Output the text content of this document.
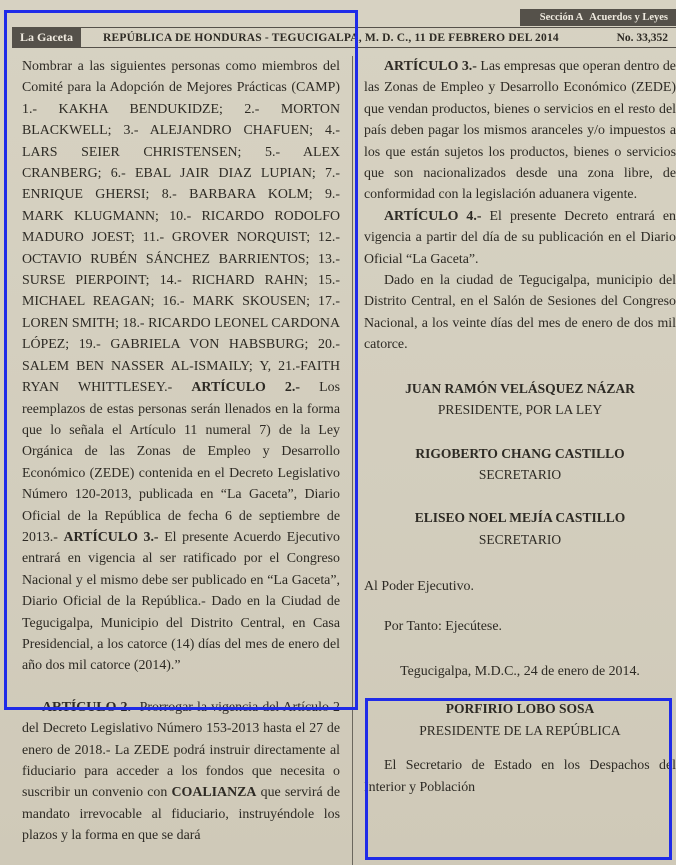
Sección A Acuerdos y Leyes
La Gaceta	REPÚBLICA DE HONDURAS - TEGUCIGALPA, M. D. C., 11 DE FEBRERO DEL 2014	No. 33,352

Nombrar a las siguientes personas como miembros del Comité para la Adopción de Mejores Prácticas (CAMP) 1.- KAKHA BENDUKIDZE; 2.- MORTON BLACKWELL; 3.- ALEJANDRO CHAFUEN; 4.- LARS SEIER CHRISTENSEN; 5.- ALEX CRANBERG; 6.- EBAL JAIR DIAZ LUPIAN; 7.- ENRIQUE GHERSI; 8.- BARBARA KOLM; 9.- MARK KLUGMANN; 10.- RICARDO RODOLFO MADURO JOEST; 11.- GROVER NORQUIST; 12.- OCTAVIO RUBÉN SÁNCHEZ BARRIENTOS; 13.- SURSE PIERPOINT; 14.- RICHARD RAHN; 15.- MICHAEL REAGAN; 16.- MARK SKOUSEN; 17.- LOREN SMITH; 18.- RICARDO LEONEL CARDONA LÓPEZ; 19.- GABRIELA VON HABSBURG; 20.- SALEM BEN NASSER AL-ISMAILY; Y, 21.-FAITH RYAN WHITTLESEY.- ARTÍCULO 2.- Los reemplazos de estas personas serán llenados en la forma que lo señala el Artículo 11 numeral 7) de la Ley Orgánica de las Zonas de Empleo y Desarrollo Económico (ZEDE) contenida en el Decreto Legislativo Número 120-2013, publicada en “La Gaceta”, Diario Oficial de la República de fecha 6 de septiembre de 2013.- ARTÍCULO 3.- El presente Acuerdo Ejecutivo entrará en vigencia al ser ratificado por el Congreso Nacional y el mismo debe ser publicado en “La Gaceta”, Diario Oficial de la República.- Dado en la Ciudad de Tegucigalpa, Municipio del Distrito Central, en Casa Presidencial, a los catorce (14) días del mes de enero del año dos mil catorce (2014).”

ARTÍCULO 2.- Prorrogar la vigencia del Artículo 2 del Decreto Legislativo Número 153-2013 hasta el 27 de enero de 2018.- La ZEDE podrá instruir directamente al fiduciario para acceder a los fondos que necesita o suscribir un convenio con COALIANZA que servirá de mandato irrevocable al fiduciario, instruyéndole los plazos y la forma en que se dará

ARTÍCULO 3.- Las empresas que operan dentro de las Zonas de Empleo y Desarrollo Económico (ZEDE) que vendan productos, bienes o servicios en el resto del país deben pagar los mismos aranceles y/o impuestos a los que están sujetos los productos, bienes o servicios que son nacionalizados desde una zona libre, de conformidad con la legislación aduanera vigente.

ARTÍCULO 4.- El presente Decreto entrará en vigencia a partir del día de su publicación en el Diario Oficial “La Gaceta”.

Dado en la ciudad de Tegucigalpa, municipio del Distrito Central, en el Salón de Sesiones del Congreso Nacional, a los veinte días del mes de enero de dos mil catorce.

JUAN RAMÓN VELÁSQUEZ NÁZAR
PRESIDENTE, POR LA LEY
RIGOBERTO CHANG CASTILLO
SECRETARIO
ELISEO NOEL MEJÍA CASTILLO
SECRETARIO

Al Poder Ejecutivo.

Por Tanto: Ejecútese.

Tegucigalpa, M.D.C., 24 de enero de 2014.
PORFIRIO LOBO SOSA
PRESIDENTE DE LA REPÚBLICA

El Secretario de Estado en los Despachos del Interior y Población
